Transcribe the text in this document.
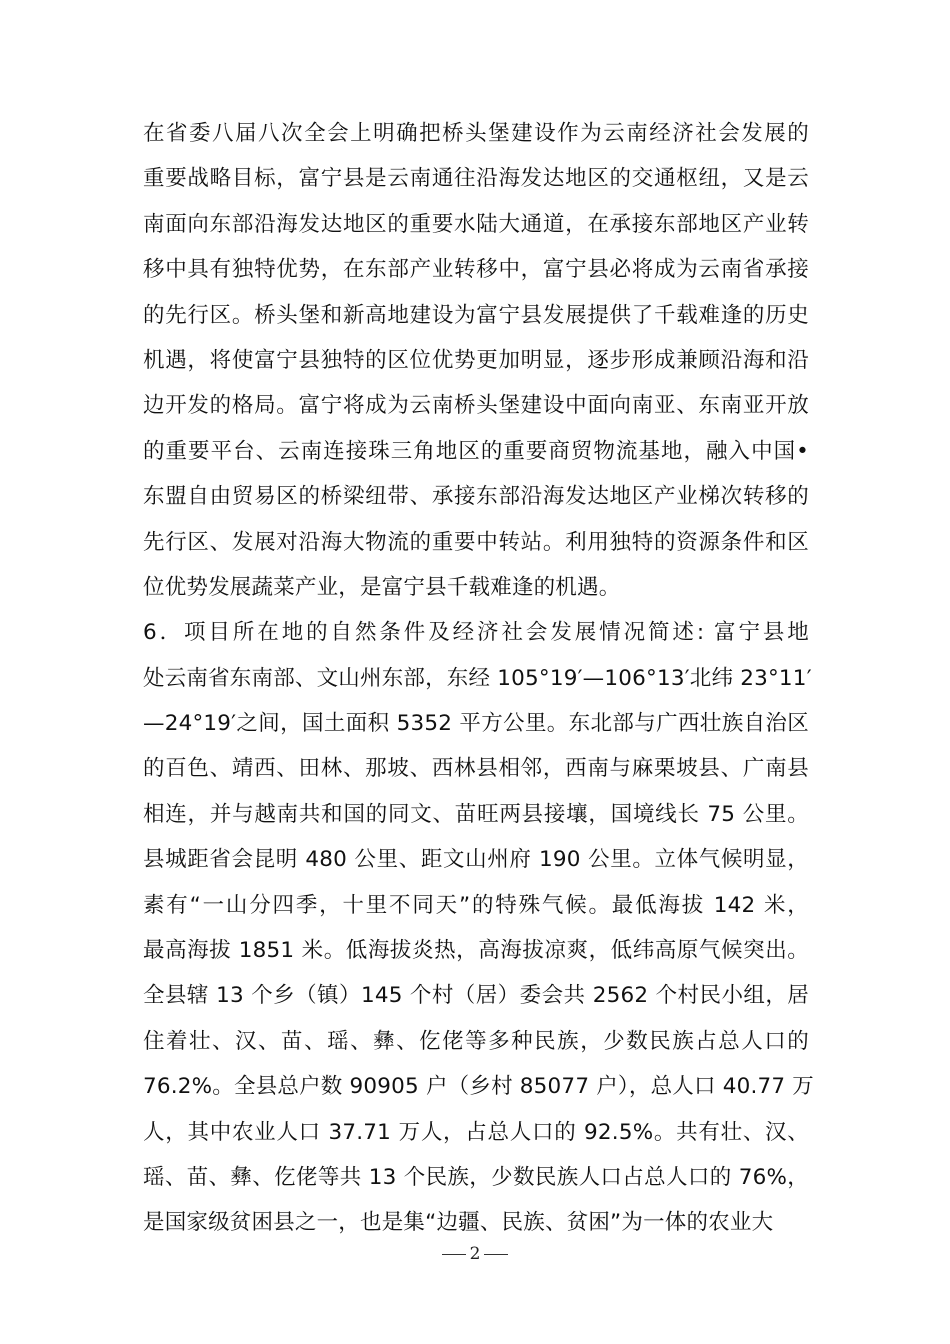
在省委八届八次全会上明确把桥头堡建设作为云南经济社会发展的
重要战略目标，富宁县是云南通往沿海发达地区的交通枢纽，又是云
南面向东部沿海发达地区的重要水陆大通道，在承接东部地区产业转
移中具有独特优势，在东部产业转移中，富宁县必将成为云南省承接
的先行区。桥头堡和新高地建设为富宁县发展提供了千载难逢的历史
机遇，将使富宁县独特的区位优势更加明显，逐步形成兼顾沿海和沿
边开发的格局。富宁将成为云南桥头堡建设中面向南亚、东南亚开放
的重要平台、云南连接珠三角地区的重要商贸物流基地，融入中国•
东盟自由贸易区的桥梁纽带、承接东部沿海发达地区产业梯次转移的
先行区、发展对沿海大物流的重要中转站。利用独特的资源条件和区
位优势发展蔬菜产业，是富宁县千载难逢的机遇。
6．项目所在地的自然条件及经济社会发展情况简述: 富宁县地
处云南省东南部、文山州东部，东经 105°19′—106°13′北纬 23°11′
—24°19′之间，国土面积 5352 平方公里。东北部与广西壮族自治区
的百色、靖西、田林、那坡、西林县相邻，西南与麻栗坡县、广南县
相连，并与越南共和国的同文、苗旺两县接壤，国境线长 75 公里。
县城距省会昆明 480 公里、距文山州府 190 公里。立体气候明显，
素有“一山分四季，十里不同天”的特殊气候。最低海拔 142 米，
最高海拔 1851 米。低海拔炎热，高海拔凉爽，低纬高原气候突出。
全县辖 13 个乡（镇）145 个村（居）委会共 2562 个村民小组，居
住着壮、汉、苗、瑶、彝、仡佬等多种民族，少数民族占总人口的
76.2%。全县总户数 90905 户（乡村 85077 户），总人口 40.77 万
人，其中农业人口 37.71 万人，占总人口的 92.5%。共有壮、汉、
瑶、苗、彝、仡佬等共 13 个民族，少数民族人口占总人口的 76%，
是国家级贫困县之一，也是集“边疆、民族、贫困”为一体的农业大
2
